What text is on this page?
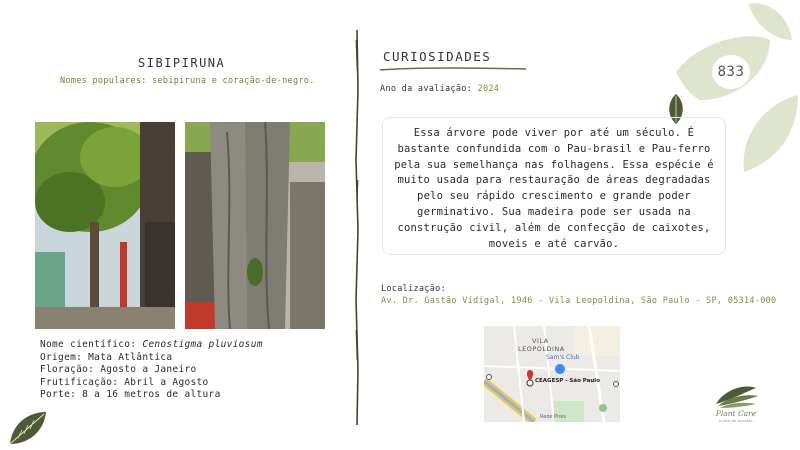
833
SIBIPIRUNA
Nomes populares: sebipiruna e coração-de-negro.
Nome científico: Cenostigma pluviosum
Origem: Mata Atlântica
Floração: Agosto a Janeiro
Frutificação: Abril a Agosto
Porte: 8 a 16 metros de altura
CURIOSIDADES
Ano da avaliação: 2024

Essa árvore pode viver por até um século. É bastante confundida com o Pau-brasil e Pau-ferro pela sua semelhança nas folhagens. Essa espécie é muito usada para restauração de áreas degradadas pelo seu rápido crescimento e grande poder germinativo. Sua madeira pode ser usada na construção civil, além de confecção de caixotes, moveis e até carvão.

Localização:
Av. Dr. Gastão Vidigal, 1946 - Vila Leopoldina, São Paulo - SP, 05314-000
VILA
LEOPOLDINA
Sam's Club
CEAGESP - São Paulo
Rede Pires	Plant Care
cuida de plantas
